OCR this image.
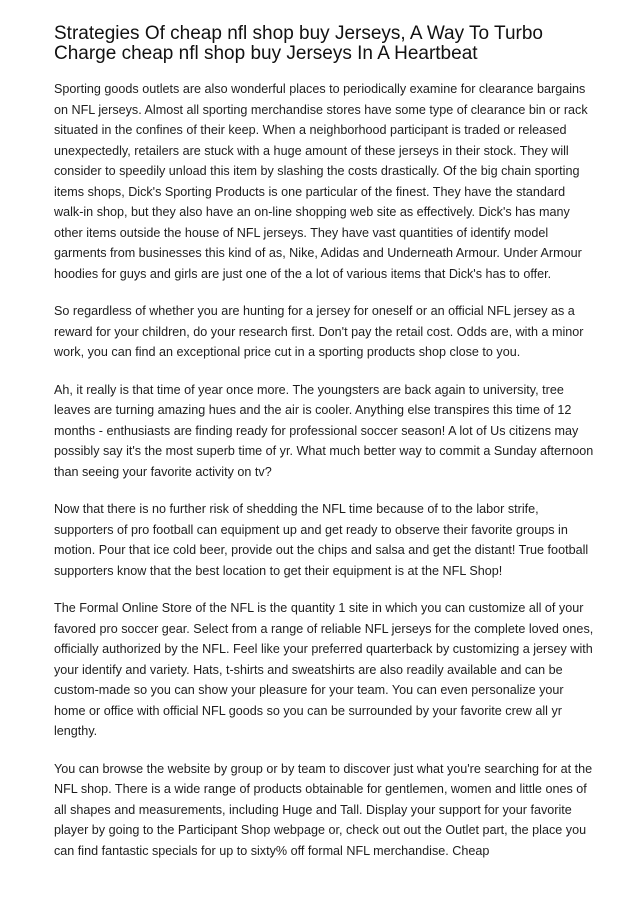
Strategies Of cheap nfl shop buy Jerseys, A Way To Turbo Charge cheap nfl shop buy Jerseys In A Heartbeat

Sporting goods outlets are also wonderful places to periodically examine for clearance bargains on NFL jerseys. Almost all sporting merchandise stores have some type of clearance bin or rack situated in the confines of their keep. When a neighborhood participant is traded or released unexpectedly, retailers are stuck with a huge amount of these jerseys in their stock. They will consider to speedily unload this item by slashing the costs drastically. Of the big chain sporting items shops, Dick's Sporting Products is one particular of the finest. They have the standard walk-in shop, but they also have an on-line shopping web site as effectively. Dick's has many other items outside the house of NFL jerseys. They have vast quantities of identify model garments from businesses this kind of as, Nike, Adidas and Underneath Armour. Under Armour hoodies for guys and girls are just one of the a lot of various items that Dick's has to offer.

So regardless of whether you are hunting for a jersey for oneself or an official NFL jersey as a reward for your children, do your research first. Don't pay the retail cost. Odds are, with a minor work, you can find an exceptional price cut in a sporting products shop close to you.

Ah, it really is that time of year once more. The youngsters are back again to university, tree leaves are turning amazing hues and the air is cooler. Anything else transpires this time of 12 months - enthusiasts are finding ready for professional soccer season! A lot of Us citizens may possibly say it's the most superb time of yr. What much better way to commit a Sunday afternoon than seeing your favorite activity on tv?

Now that there is no further risk of shedding the NFL time because of to the labor strife, supporters of pro football can equipment up and get ready to observe their favorite groups in motion. Pour that ice cold beer, provide out the chips and salsa and get the distant! True football supporters know that the best location to get their equipment is at the NFL Shop!

The Formal Online Store of the NFL is the quantity 1 site in which you can customize all of your favored pro soccer gear. Select from a range of reliable NFL jerseys for the complete loved ones, officially authorized by the NFL. Feel like your preferred quarterback by customizing a jersey with your identify and variety. Hats, t-shirts and sweatshirts are also readily available and can be custom-made so you can show your pleasure for your team. You can even personalize your home or office with official NFL goods so you can be surrounded by your favorite crew all yr lengthy.

You can browse the website by group or by team to discover just what you're searching for at the NFL shop. There is a wide range of products obtainable for gentlemen, women and little ones of all shapes and measurements, including Huge and Tall. Display your support for your favorite player by going to the Participant Shop webpage or, check out out the Outlet part, the place you can find fantastic specials for up to sixty% off formal NFL merchandise. Cheap
